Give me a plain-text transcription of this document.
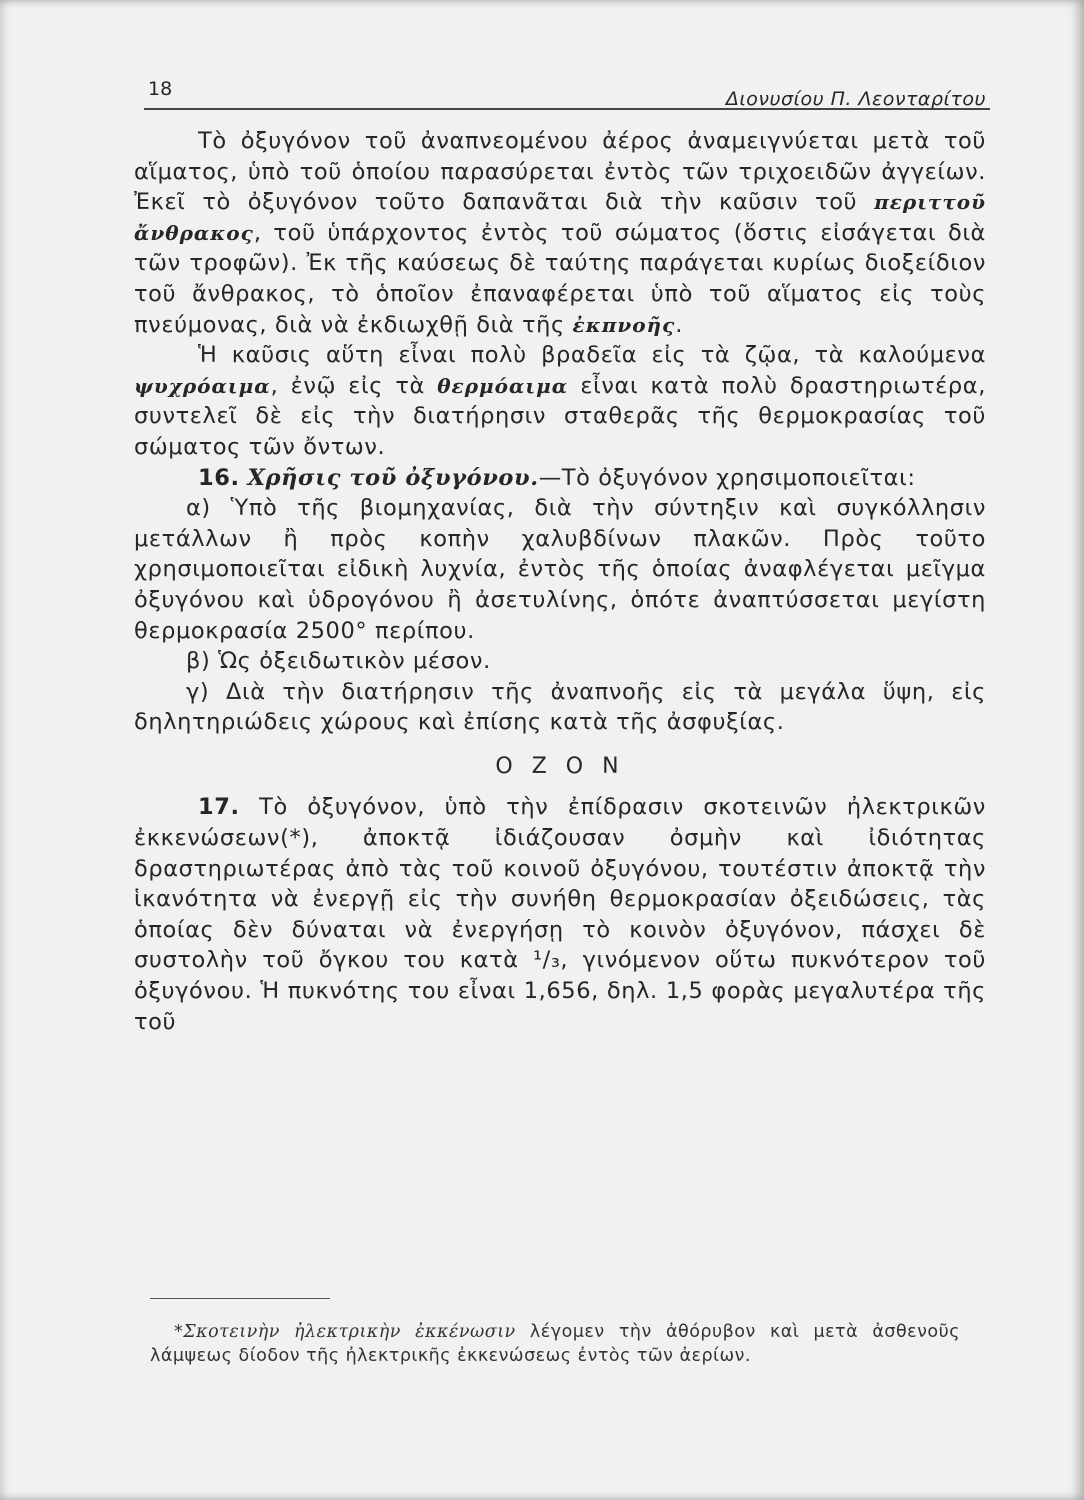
18	Διονυσίου Π. Λεονταρίτου

Τὸ ὀξυγόνον τοῦ ἀναπνεομένου ἀέρος ἀναμειγνύεται μετὰ τοῦ αἵματος, ὑπὸ τοῦ ὁποίου παρασύρεται ἐντὸς τῶν τριχοειδῶν ἀγγείων. Ἐκεῖ τὸ ὀξυγόνον τοῦτο δαπανᾶται διὰ τὴν καῦσιν τοῦ περιττοῦ ἄνθρακος, τοῦ ὑπάρχοντος ἐντὸς τοῦ σώματος (ὅστις εἰσάγεται διὰ τῶν τροφῶν). Ἐκ τῆς καύσεως δὲ ταύτης παράγεται κυρίως διοξείδιον τοῦ ἄνθρακος, τὸ ὁποῖον ἐπαναφέρεται ὑπὸ τοῦ αἵματος εἰς τοὺς πνεύμονας, διὰ νὰ ἐκδιωχθῇ διὰ τῆς ἐκπνοῆς.

Ἡ καῦσις αὕτη εἶναι πολὺ βραδεῖα εἰς τὰ ζῷα, τὰ καλούμενα ψυχρόαιμα, ἐνῷ εἰς τὰ θερμόαιμα εἶναι κατὰ πολὺ δραστηριωτέρα, συντελεῖ δὲ εἰς τὴν διατήρησιν σταθερᾶς τῆς θερμοκρασίας τοῦ σώματος τῶν ὄντων.

16. Χρῆσις τοῦ ὀξυγόνου.—Τὸ ὀξυγόνον χρησιμοποιεῖται:

α) Ὑπὸ τῆς βιομηχανίας, διὰ τὴν σύντηξιν καὶ συγκόλλησιν μετάλλων ἢ πρὸς κοπὴν χαλυβδίνων πλακῶν. Πρὸς τοῦτο χρησιμοποιεῖται εἰδικὴ λυχνία, ἐντὸς τῆς ὁποίας ἀναφλέγεται μεῖγμα ὀξυγόνου καὶ ὑδρογόνου ἢ ἀσετυλίνης, ὁπότε ἀναπτύσσεται μεγίστη θερμοκρασία 2500° περίπου.

β) Ὡς ὀξειδωτικὸν μέσον.

γ) Διὰ τὴν διατήρησιν τῆς ἀναπνοῆς εἰς τὰ μεγάλα ὕψη, εἰς δηλητηριώδεις χώρους καὶ ἐπίσης κατὰ τῆς ἀσφυξίας.

Ο Ζ Ο Ν

17. Τὸ ὀξυγόνον, ὑπὸ τὴν ἐπίδρασιν σκοτεινῶν ἠλεκτρικῶν ἐκκενώσεων(*), ἀποκτᾷ ἰδιάζουσαν ὀσμὴν καὶ ἰδιότητας δραστηριωτέρας ἀπὸ τὰς τοῦ κοινοῦ ὀξυγόνου, τουτέστιν ἀποκτᾷ τὴν ἱκανότητα νὰ ἐνεργῇ εἰς τὴν συνήθη θερμοκρασίαν ὀξειδώσεις, τὰς ὁποίας δὲν δύναται νὰ ἐνεργήσῃ τὸ κοινὸν ὀξυγόνον, πάσχει δὲ συστολὴν τοῦ ὄγκου του κατὰ ¹/₃, γινόμενον οὕτω πυκνότερον τοῦ ὀξυγόνου. Ἡ πυκνότης του εἶναι 1,656, δηλ. 1,5 φορὰς μεγαλυτέρα τῆς τοῦ

*Σκοτεινὴν ἠλεκτρικὴν ἐκκένωσιν λέγομεν τὴν ἀθόρυβον καὶ μετὰ ἀσθενοῦς λάμψεως δίοδον τῆς ἠλεκτρικῆς ἐκκενώσεως ἐντὸς τῶν ἀερίων.
